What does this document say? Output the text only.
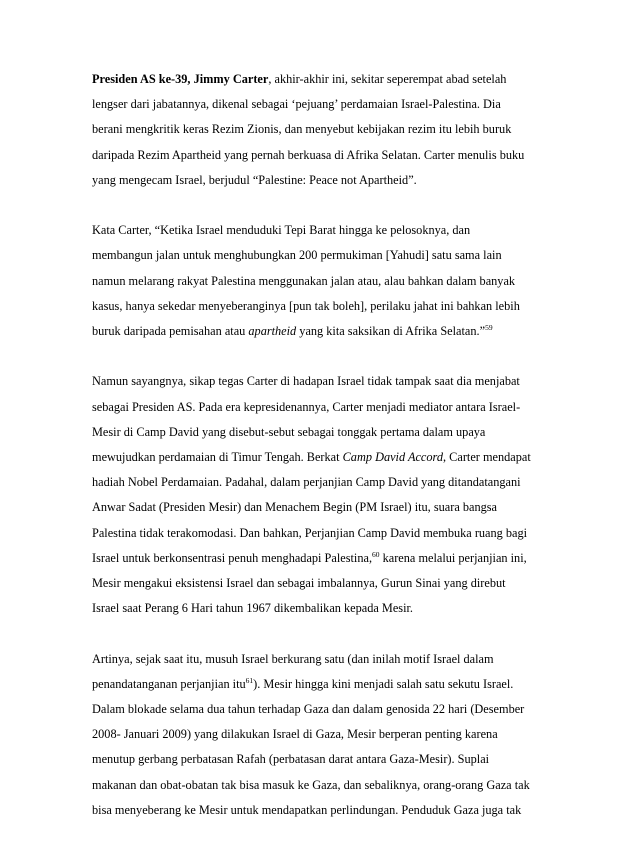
Presiden AS ke-39, Jimmy Carter, akhir-akhir ini, sekitar seperempat abad setelah
lengser dari jabatannya, dikenal sebagai ‘pejuang’ perdamaian Israel-Palestina. Dia
berani mengkritik keras Rezim Zionis, dan menyebut kebijakan rezim itu lebih buruk
daripada Rezim Apartheid yang pernah berkuasa di Afrika Selatan. Carter menulis buku
yang mengecam Israel, berjudul “Palestine: Peace not Apartheid”.

Kata Carter, “Ketika Israel menduduki Tepi Barat hingga ke pelosoknya, dan
membangun jalan untuk menghubungkan 200 permukiman [Yahudi] satu sama lain
namun melarang rakyat Palestina menggunakan jalan atau, alau bahkan dalam banyak
kasus, hanya sekedar menyeberanginya [pun tak boleh], perilaku jahat ini bahkan lebih
buruk daripada pemisahan atau apartheid yang kita saksikan di Afrika Selatan.”$^{59}$

Namun sayangnya, sikap tegas Carter di hadapan Israel tidak tampak saat dia menjabat
sebagai Presiden AS. Pada era kepresidenannya, Carter menjadi mediator antara Israel-
Mesir di Camp David yang disebut-sebut sebagai tonggak pertama dalam upaya
mewujudkan perdamaian di Timur Tengah. Berkat Camp David Accord, Carter mendapat
hadiah Nobel Perdamaian. Padahal, dalam perjanjian Camp David yang ditandatangani
Anwar Sadat (Presiden Mesir) dan Menachem Begin (PM Israel) itu, suara bangsa
Palestina tidak terakomodasi. Dan bahkan, Perjanjian Camp David membuka ruang bagi
Israel untuk berkonsentrasi penuh menghadapi Palestina,$^{60}$ karena melalui perjanjian ini,
Mesir mengakui eksistensi Israel dan sebagai imbalannya, Gurun Sinai yang direbut
Israel saat Perang 6 Hari tahun 1967 dikembalikan kepada Mesir.

Artinya, sejak saat itu, musuh Israel berkurang satu (dan inilah motif Israel dalam
penandatanganan perjanjian itu$^{61}$). Mesir hingga kini menjadi salah satu sekutu Israel.
Dalam blokade selama dua tahun terhadap Gaza dan dalam genosida 22 hari (Desember
2008- Januari 2009) yang dilakukan Israel di Gaza, Mesir berperan penting karena
menutup gerbang perbatasan Rafah (perbatasan darat antara Gaza-Mesir). Suplai
makanan dan obat-obatan tak bisa masuk ke Gaza, dan sebaliknya, orang-orang Gaza tak
bisa menyeberang ke Mesir untuk mendapatkan perlindungan. Penduduk Gaza juga tak
